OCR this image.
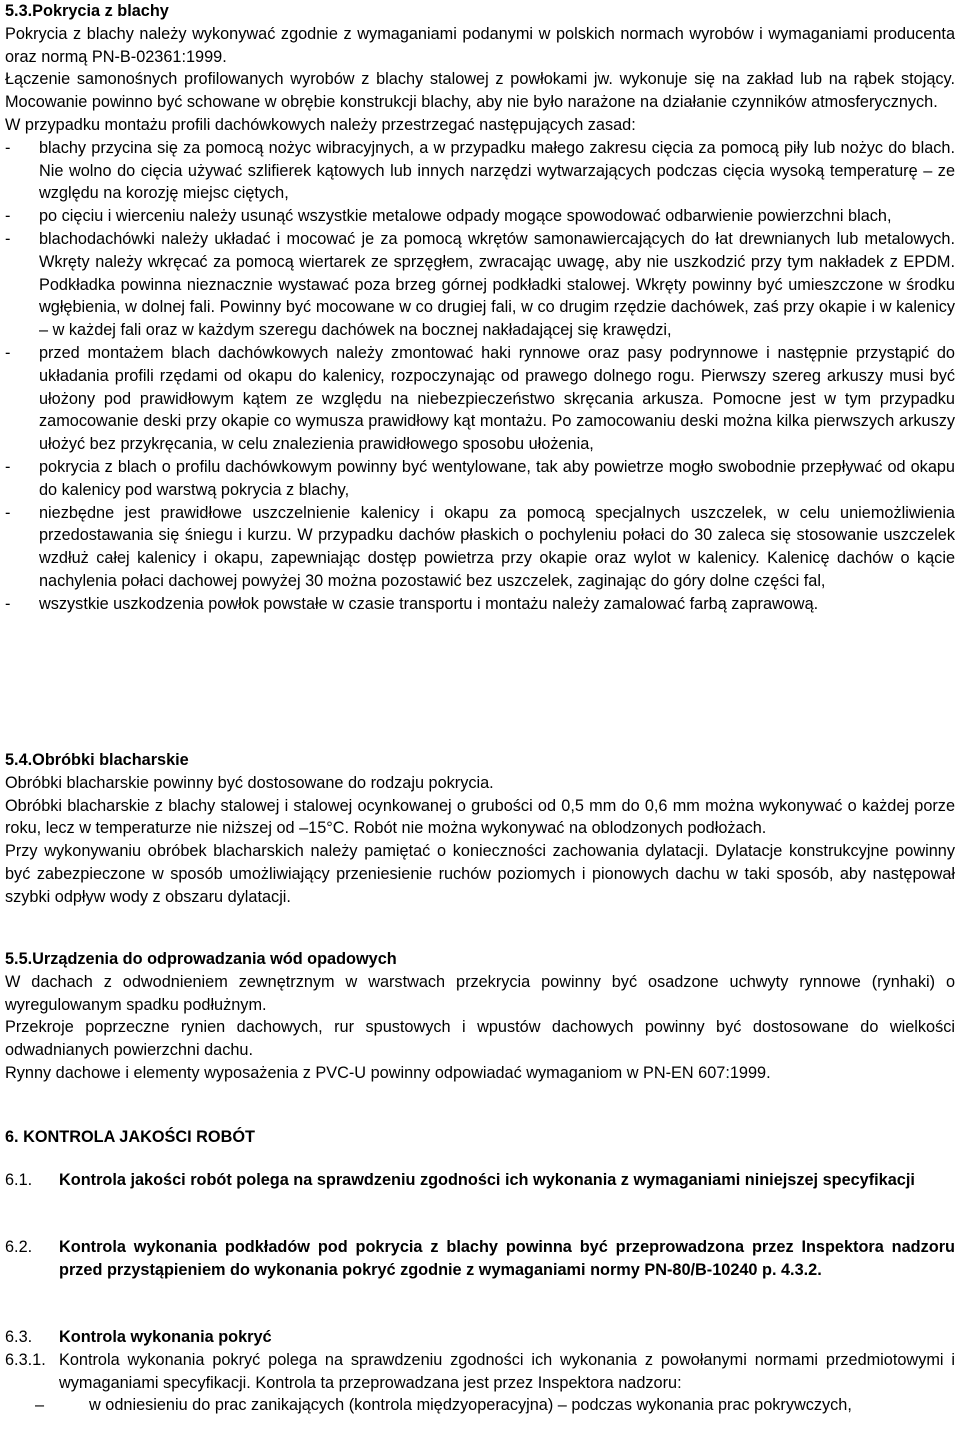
5.3.Pokrycia z blachy

Pokrycia z blachy należy wykonywać zgodnie z wymaganiami podanymi w polskich normach wyrobów i wymaganiami producenta oraz normą PN-B-02361:1999.

Łączenie samonośnych profilowanych wyrobów z blachy stalowej z powłokami jw. wykonuje się na zakład lub na rąbek stojący. Mocowanie powinno być schowane w obrębie konstrukcji blachy, aby nie było narażone na działanie czynników atmosferycznych.

W przypadku montażu profili dachówkowych należy przestrzegać następujących zasad:

-	blachy przycina się za pomocą nożyc wibracyjnych, a w przypadku małego zakresu cięcia za pomocą piły lub nożyc do blach. Nie wolno do cięcia używać szlifierek kątowych lub innych narzędzi wytwarzających podczas cięcia wysoką temperaturę – ze względu na korozję miejsc ciętych,
-	po cięciu i wierceniu należy usunąć wszystkie metalowe odpady mogące spowodować odbarwienie powierzchni blach,
-	blachodachówki należy układać i mocować je za pomocą wkrętów samonawiercających do łat drewnianych lub metalowych. Wkręty należy wkręcać za pomocą wiertarek ze sprzęgłem, zwracając uwagę, aby nie uszkodzić przy tym nakładek z EPDM. Podkładka powinna nieznacznie wystawać poza brzeg górnej podkładki stalowej. Wkręty powinny być umieszczone w środku wgłębienia, w dolnej fali. Powinny być mocowane w co drugiej fali, w co drugim rzędzie dachówek, zaś przy okapie i w kalenicy – w każdej fali oraz w każdym szeregu dachówek na bocznej nakładającej się krawędzi,
-	przed montażem blach dachówkowych należy zmontować haki rynnowe oraz pasy podrynnowe i następnie przystąpić do układania profili rzędami od okapu do kalenicy, rozpoczynając od prawego dolnego rogu. Pierwszy szereg arkuszy musi być ułożony pod prawidłowym kątem ze względu na niebezpieczeństwo skręcania arkusza. Pomocne jest w tym przypadku zamocowanie deski przy okapie co wymusza prawidłowy kąt montażu. Po zamocowaniu deski można kilka pierwszych arkuszy ułożyć bez przykręcania, w celu znalezienia prawidłowego sposobu ułożenia,
-	pokrycia z blach o profilu dachówkowym powinny być wentylowane, tak aby powietrze mogło swobodnie przepływać od okapu do kalenicy pod warstwą pokrycia z blachy,
-	niezbędne jest prawidłowe uszczelnienie kalenicy i okapu za pomocą specjalnych uszczelek, w celu uniemożliwienia przedostawania się śniegu i kurzu. W przypadku dachów płaskich o pochyleniu połaci do 30 zaleca się stosowanie uszczelek wzdłuż całej kalenicy i okapu, zapewniając dostęp powietrza przy okapie oraz wylot w kalenicy. Kalenicę dachów o kącie nachylenia połaci dachowej powyżej 30 można pozostawić bez uszczelek, zaginając do góry dolne części fal,
-	wszystkie uszkodzenia powłok powstałe w czasie transportu i montażu należy zamalować farbą zaprawową.
5.4.Obróbki blacharskie

Obróbki blacharskie powinny być dostosowane do rodzaju pokrycia.

Obróbki blacharskie z blachy stalowej i stalowej ocynkowanej o grubości od 0,5 mm do 0,6 mm można wykonywać o każdej porze roku, lecz w temperaturze nie niższej od –15°C. Robót nie można wykonywać na oblodzonych podłożach.

Przy wykonywaniu obróbek blacharskich należy pamiętać o konieczności zachowania dylatacji. Dylatacje konstrukcyjne powinny być zabezpieczone w sposób umożliwiający przeniesienie ruchów poziomych i pionowych dachu w taki sposób, aby następował szybki odpływ wody z obszaru dylatacji.

5.5.Urządzenia do odprowadzania wód opadowych

W dachach z odwodnieniem zewnętrznym w warstwach przekrycia powinny być osadzone uchwyty rynnowe (rynhaki) o wyregulowanym spadku podłużnym.

Przekroje poprzeczne rynien dachowych, rur spustowych i wpustów dachowych powinny być dostosowane do wielkości odwadnianych powierzchni dachu.

Rynny dachowe i elementy wyposażenia z PVC-U powinny odpowiadać wymaganiom w PN-EN 607:1999.

6. KONTROLA JAKOŚCI ROBÓT
6.1.	Kontrola jakości robót polega na sprawdzeniu zgodności ich wykonania z wymaganiami niniejszej specyfikacji
6.2.	Kontrola wykonania podkładów pod pokrycia z blachy powinna być przeprowadzona przez Inspektora nadzoru przed przystąpieniem do wykonania pokryć zgodnie z wymaganiami normy PN-80/B-10240 p. 4.3.2.
6.3.	Kontrola wykonania pokryć
6.3.1. Kontrola wykonania pokryć polega na sprawdzeniu zgodności ich wykonania z powołanymi normami przedmiotowymi i wymaganiami specyfikacji. Kontrola ta przeprowadzana jest przez Inspektora nadzoru:
–	w odniesieniu do prac zanikających (kontrola międzyoperacyjna) – podczas wykonania prac pokrywczych,
